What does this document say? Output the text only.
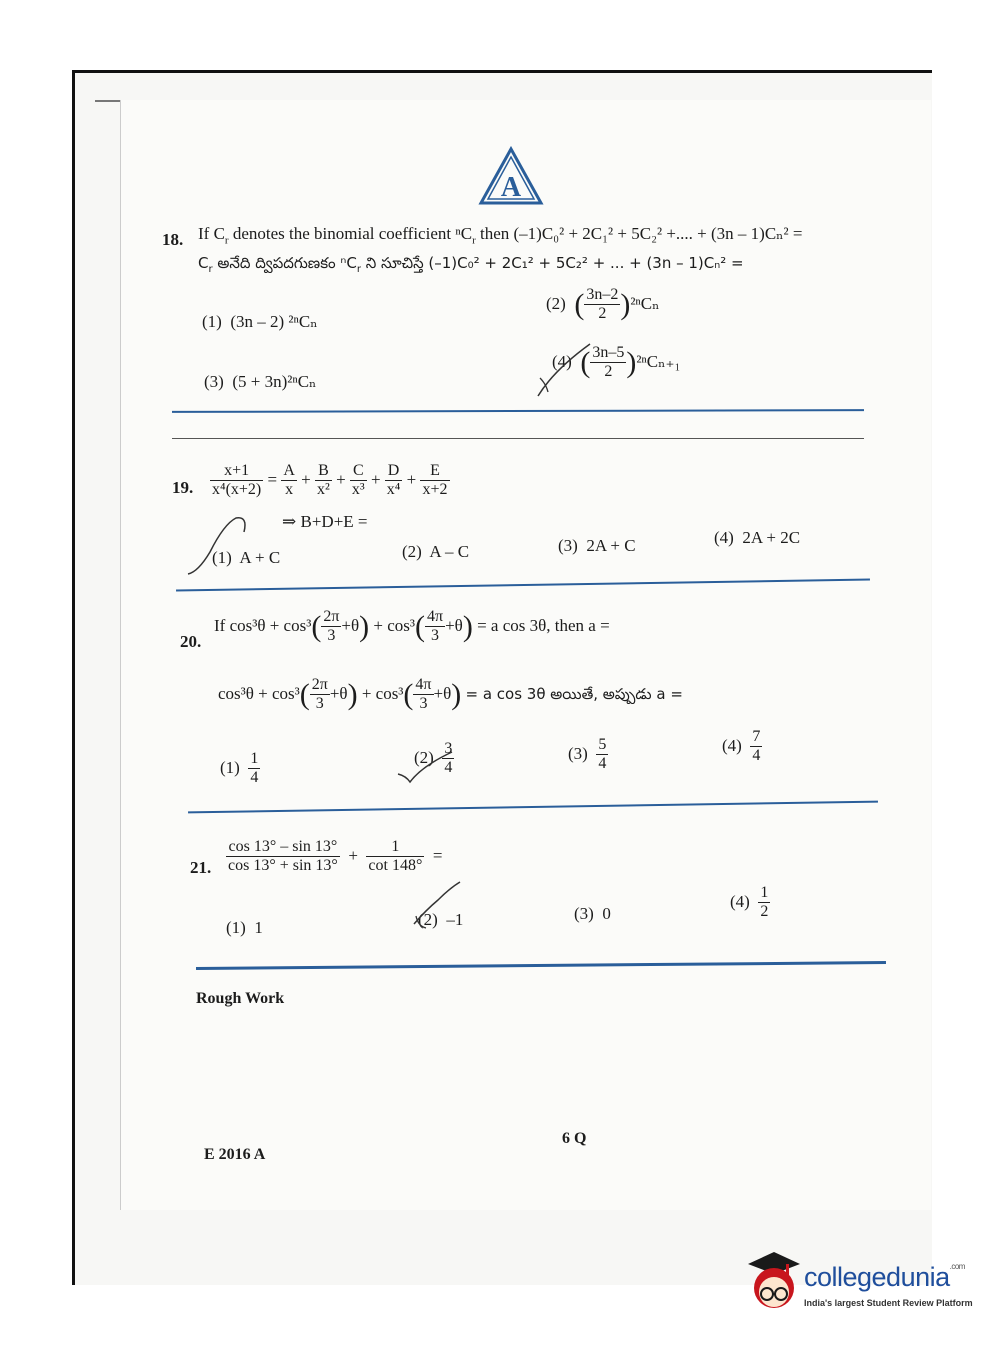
A
18. If $C_r$ denotes the binomial coefficient ⁿC$_r$ then (–1)C₀² + 2C₁² + 5C₂² +.... + (3n – 1)Cₙ² =
$C_r$ అనేది ద్విపదగుణకం ⁿC$_r$ ని సూచిస్తే (–1)C₀² + 2C₁² + 5C₂² + ... + (3n – 1)Cₙ² =
(1) (3n – 2) ²ⁿCₙ
(2) ( $\frac{3n-2}{2} )^{2n}C_n$
(3) (5 + 3n)²ⁿCₙ
(4) ( $\frac{3n-5}{2} )^{2n}C_{n+1}$
19. $\frac{x+1}{\text{x⁴(x+2)}} = \frac{A}{x} + \frac{B}{\text{x²}} + \frac{C}{\text{x³}} + \frac{D}{\text{x⁴}} + \frac{E}{x+2}$
⇒ B+D+E =
(1) A + C	(2) A – C	(3) 2A + C	(4) 2A + 2C
20.
If $\cos^3\theta + \cos^3( \frac{2\pi}{3} +\theta) + \cos^3( \frac{4\pi}{3} +\theta) = a$ cos 3θ, then a =
$\cos^3\theta + \cos^3( \frac{2\pi}{3} +\theta) + \cos^3( \frac{4\pi}{3} +\theta) = a$ cos 3θ అయితే, అప్పుడు a =
$(1) \frac{1}{4}$	$(2) \frac{3}{4}$	$(3) \frac{5}{4}$	$(4) \frac{7}{4}$
21. $\frac{\cos 13^\circ - \sin 13^\circ}{\cos 13^\circ + \sin 13^\circ} + \frac{1}{\cot 148^\circ}$ =
(1) 1	(2) –1	(3) 0
$(4) \frac{1}{2}$
Rough Work
E 2016 A
6 Q
collegedunia$^{.com}$
India's largest Student Review Platform
